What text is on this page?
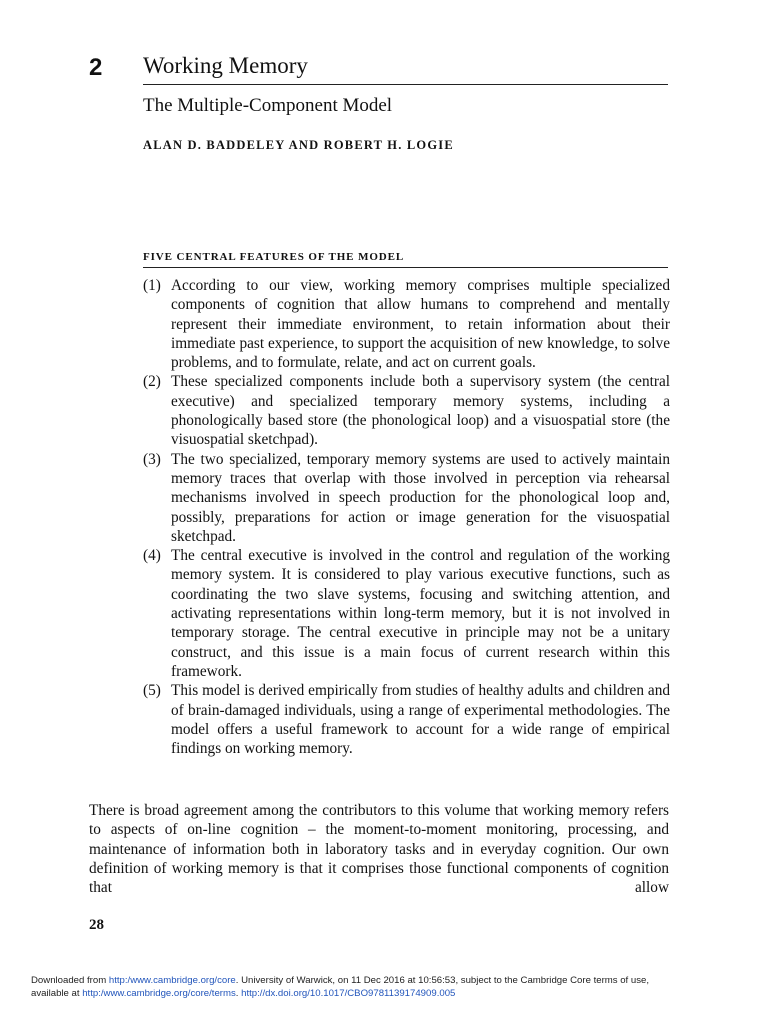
2 Working Memory
The Multiple-Component Model
ALAN D. BADDELEY AND ROBERT H. LOGIE
FIVE CENTRAL FEATURES OF THE MODEL
(1) According to our view, working memory comprises multiple specialized components of cognition that allow humans to comprehend and mentally represent their immediate environment, to retain information about their immediate past experience, to support the acquisition of new knowledge, to solve problems, and to formulate, relate, and act on current goals.
(2) These specialized components include both a supervisory system (the central executive) and specialized temporary memory systems, including a phonologically based store (the phonological loop) and a visuospatial store (the visuospatial sketchpad).
(3) The two specialized, temporary memory systems are used to actively maintain memory traces that overlap with those involved in perception via rehearsal mechanisms involved in speech production for the phonological loop and, possibly, preparations for action or image generation for the visuospatial sketchpad.
(4) The central executive is involved in the control and regulation of the working memory system. It is considered to play various executive functions, such as coordinating the two slave systems, focusing and switching attention, and activating representations within long-term memory, but it is not involved in temporary storage. The central executive in principle may not be a unitary construct, and this issue is a main focus of current research within this framework.
(5) This model is derived empirically from studies of healthy adults and children and of brain-damaged individuals, using a range of experimental methodologies. The model offers a useful framework to account for a wide range of empirical findings on working memory.
There is broad agreement among the contributors to this volume that working memory refers to aspects of on-line cognition – the moment-to-moment monitoring, processing, and maintenance of information both in laboratory tasks and in everyday cognition. Our own definition of working memory is that it comprises those functional components of cognition that allow
28
Downloaded from http:/www.cambridge.org/core. University of Warwick, on 11 Dec 2016 at 10:56:53, subject to the Cambridge Core terms of use,
available at http:/www.cambridge.org/core/terms. http://dx.doi.org/10.1017/CBO9781139174909.005
